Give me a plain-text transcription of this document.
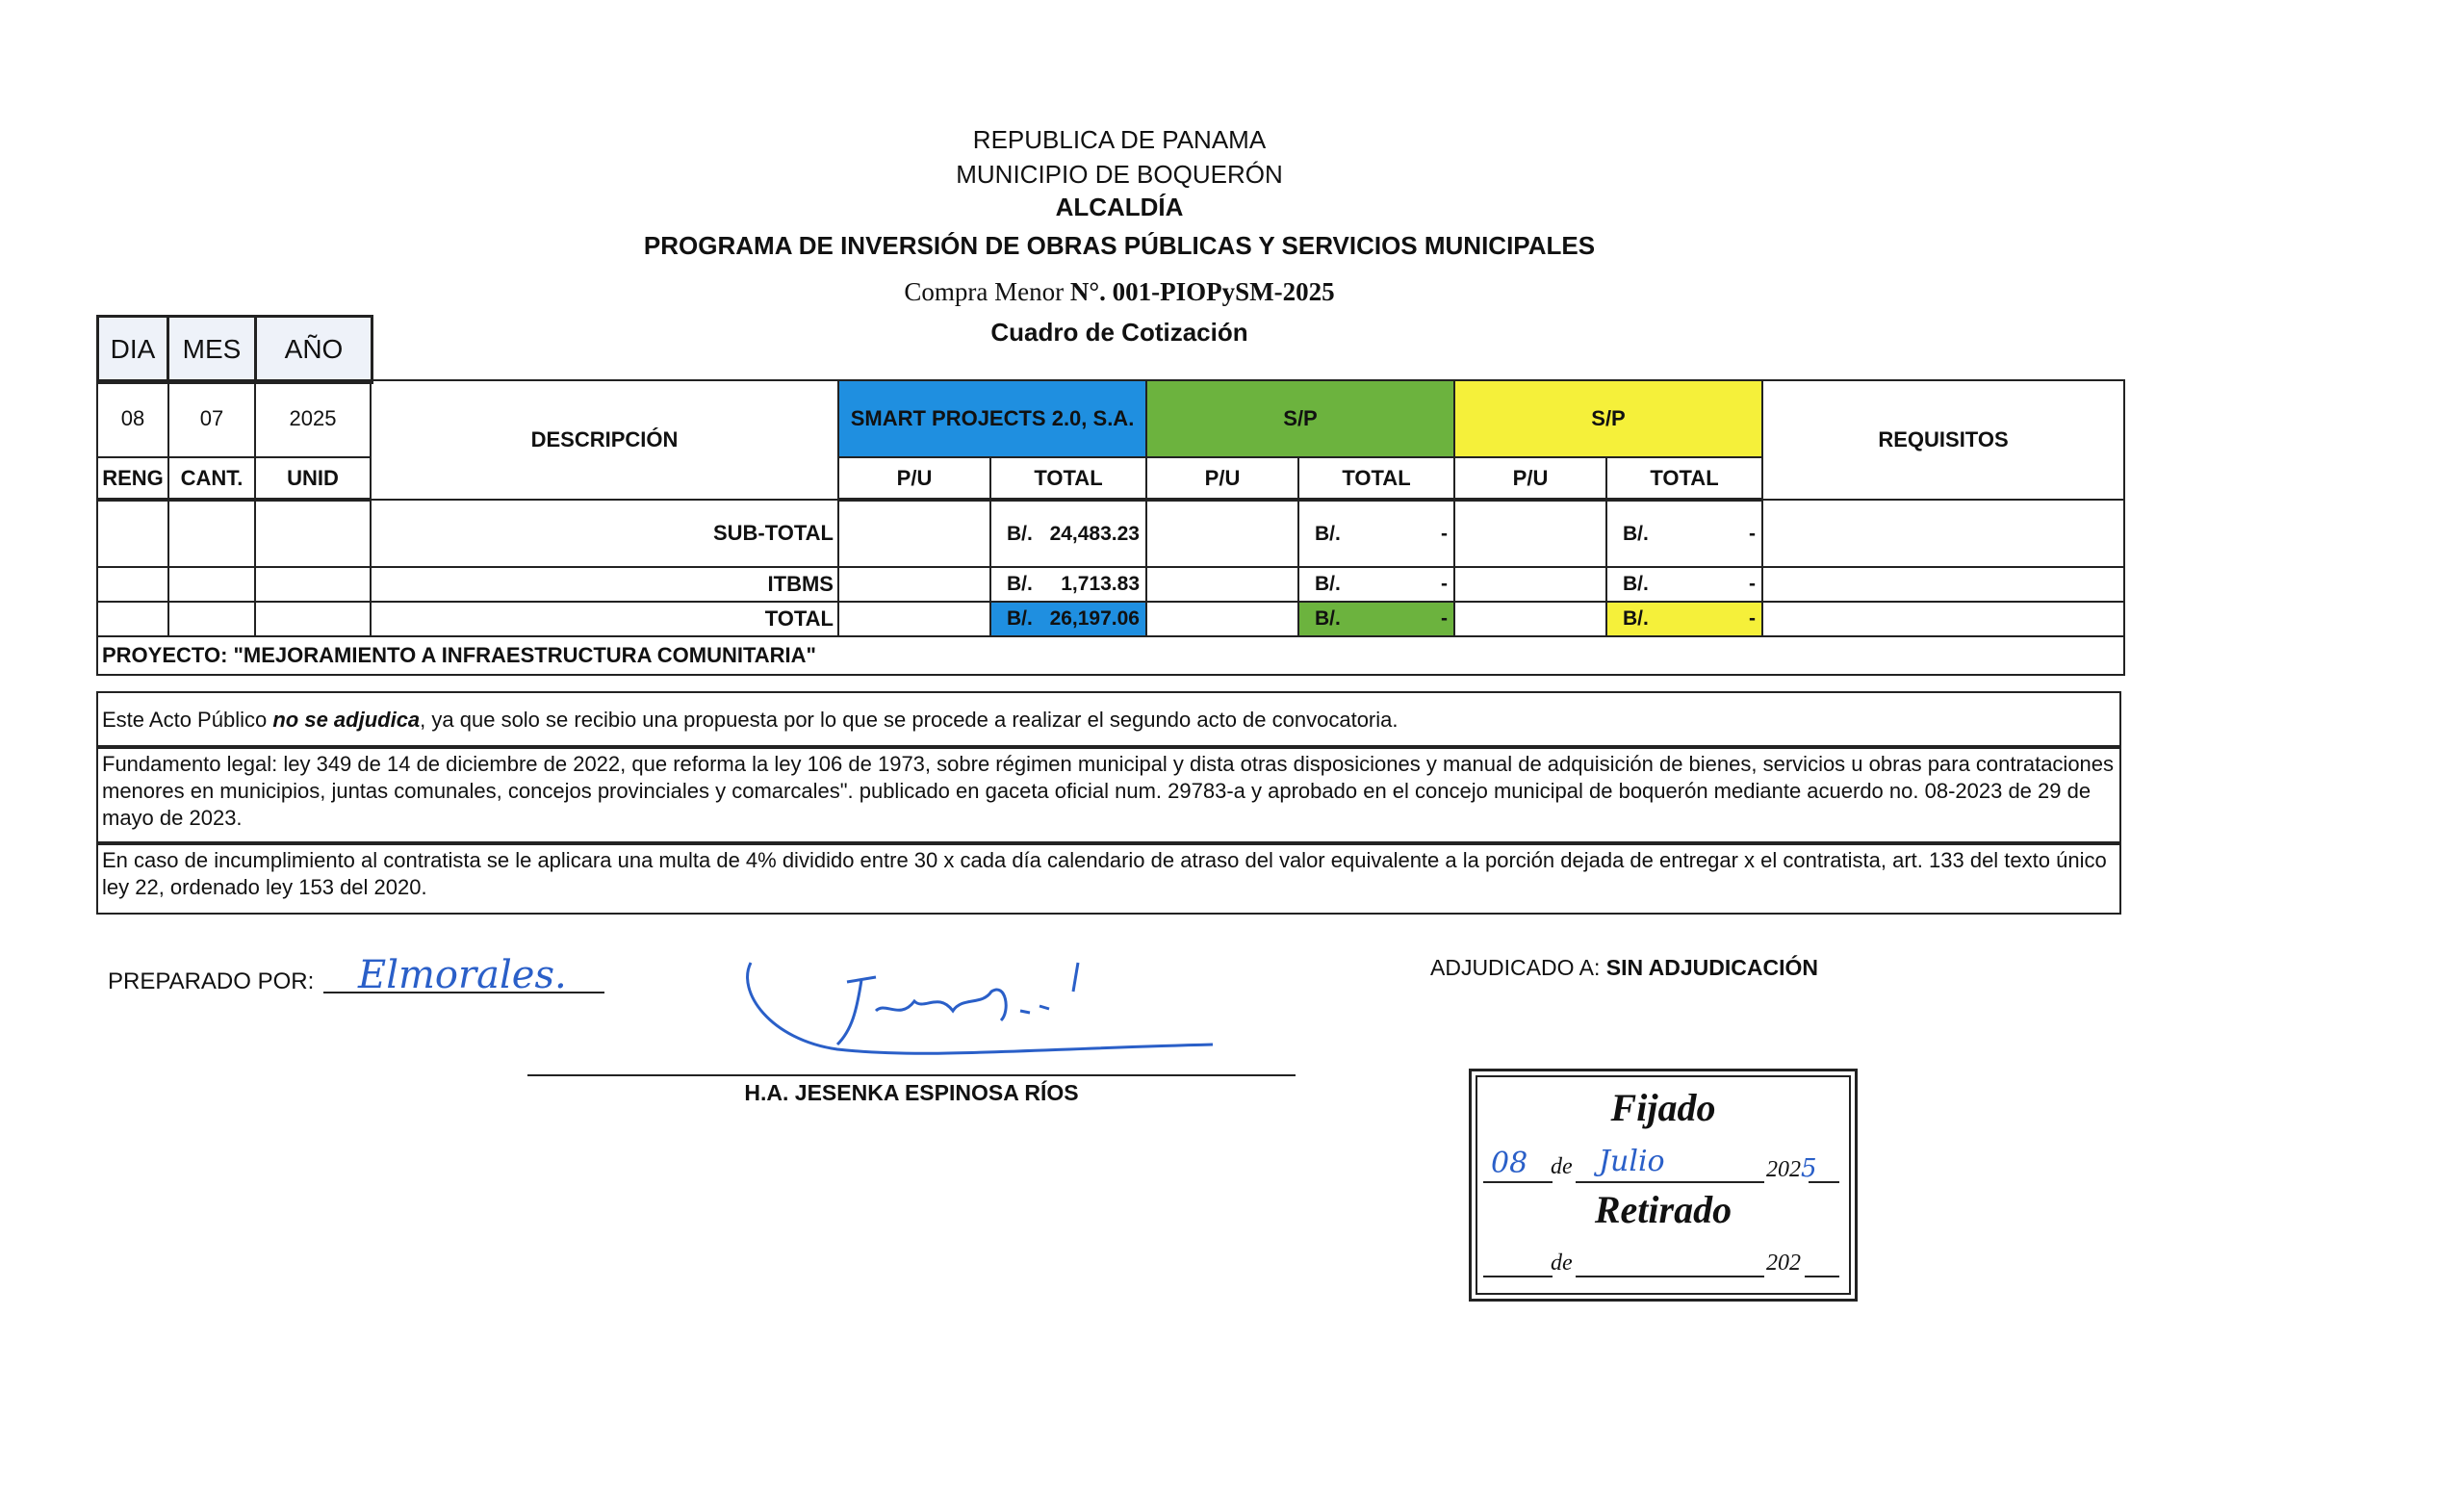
REPUBLICA DE PANAMA
MUNICIPIO DE BOQUERÓN
ALCALDÍA
PROGRAMA DE INVERSIÓN DE OBRAS PÚBLICAS Y SERVICIOS MUNICIPALES
Compra Menor N°. 001-PIOPySM-2025
Cuadro de Cotización
DIA	MES	AÑO
08	07	2025	DESCRIPCIÓN	SMART PROJECTS 2.0, S.A.		S/P		S/P		REQUISITOS
RENG	CANT.	UNID		P/U	TOTAL	P/U	TOTAL	P/U	TOTAL	
			SUB-TOTAL		B/. 24,483.23		B/. -		B/. -	

			ITBMS		B/. 1,713.83		B/. -		B/. -	

			TOTAL		B/. 26,197.06		B/. -		B/. -	

PROYECTO: "MEJORAMIENTO A INFRAESTRUCTURA COMUNITARIA"										
Este Acto Público no se adjudica, ya que solo se recibio una propuesta por lo que se procede a realizar el segundo acto de convocatoria.
Fundamento legal: ley 349 de 14 de diciembre de 2022, que reforma la ley 106 de 1973, sobre régimen municipal y dista otras disposiciones y manual de adquisición de bienes, servicios u obras para contrataciones menores en municipios, juntas comunales, concejos provinciales y comarcales". publicado en gaceta oficial num. 29783-a y aprobado en el concejo municipal de boquerón mediante acuerdo no. 08-2023 de 29 de mayo de 2023.
En caso de incumplimiento al contratista se le aplicara una multa de 4% dividido entre 30 x cada día calendario de atraso del valor equivalente a la porción dejada de entregar x el contratista, art. 133 del texto único ley 22, ordenado ley 153 del 2020.
PREPARADO POR: Elmorales.
H.A. JESENKA ESPINOSA RÍOS
ADJUDICADO A: SIN ADJUDICACIÓN
Fijado
08 de Julio	2025
Retirado
de	202
